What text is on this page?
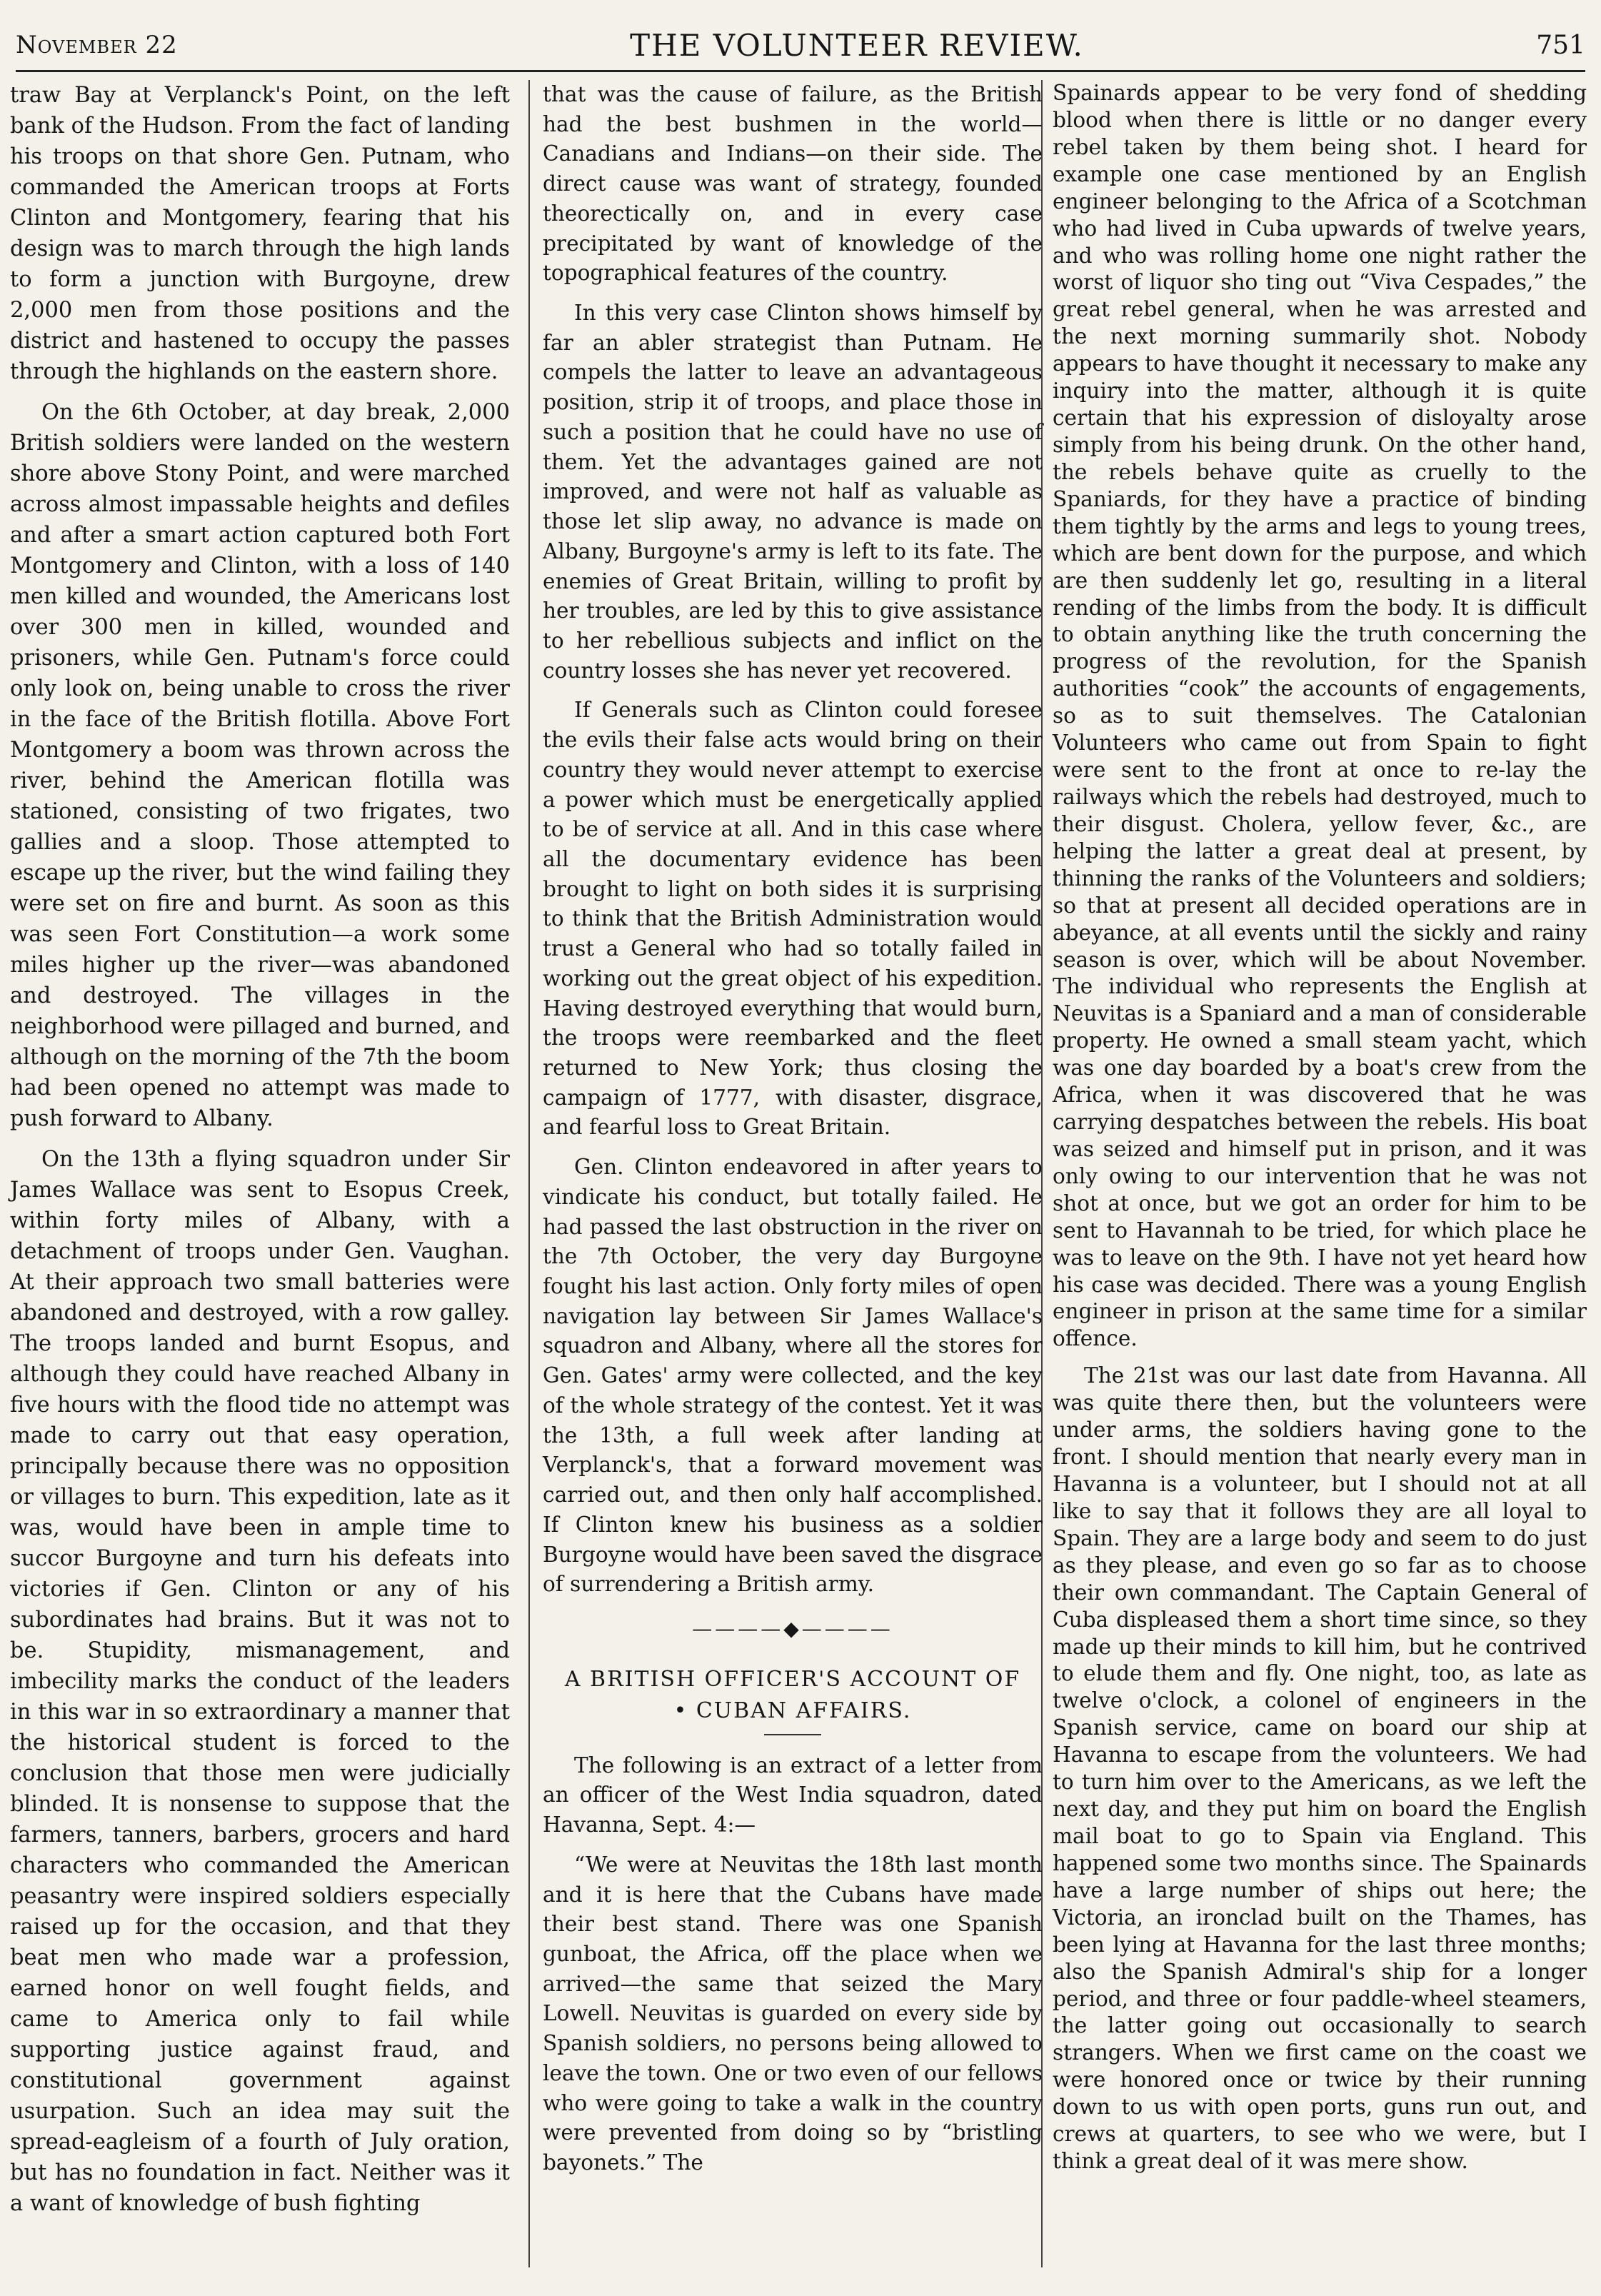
November 22	THE VOLUNTEER REVIEW.	751

traw Bay at Verplanck's Point, on the left bank of the Hudson. From the fact of landing his troops on that shore Gen. Putnam, who commanded the American troops at Forts Clinton and Montgomery, fearing that his design was to march through the high lands to form a junction with Burgoyne, drew 2,000 men from those positions and the district and hastened to occupy the passes through the highlands on the eastern shore.

On the 6th October, at day break, 2,000 British soldiers were landed on the western shore above Stony Point, and were marched across almost impassable heights and defiles and after a smart action captured both Fort Montgomery and Clinton, with a loss of 140 men killed and wounded, the Americans lost over 300 men in killed, wounded and prisoners, while Gen. Putnam's force could only look on, being unable to cross the river in the face of the British flotilla. Above Fort Montgomery a boom was thrown across the river, behind the American flotilla was stationed, consisting of two frigates, two gallies and a sloop. Those attempted to escape up the river, but the wind failing they were set on fire and burnt. As soon as this was seen Fort Constitution—a work some miles higher up the river—was abandoned and destroyed. The villages in the neighborhood were pillaged and burned, and although on the morning of the 7th the boom had been opened no attempt was made to push forward to Albany.

On the 13th a flying squadron under Sir James Wallace was sent to Esopus Creek, within forty miles of Albany, with a detachment of troops under Gen. Vaughan. At their approach two small batteries were abandoned and destroyed, with a row galley. The troops landed and burnt Esopus, and although they could have reached Albany in five hours with the flood tide no attempt was made to carry out that easy operation, principally because there was no opposition or villages to burn. This expedition, late as it was, would have been in ample time to succor Burgoyne and turn his defeats into victories if Gen. Clinton or any of his subordinates had brains. But it was not to be. Stupidity, mismanagement, and imbecility marks the conduct of the leaders in this war in so extraordinary a manner that the historical student is forced to the conclusion that those men were judicially blinded. It is nonsense to suppose that the farmers, tanners, barbers, grocers and hard characters who commanded the American peasantry were inspired soldiers especially raised up for the occasion, and that they beat men who made war a profession, earned honor on well fought fields, and came to America only to fail while supporting justice against fraud, and constitutional government against usurpation. Such an idea may suit the spread-eagleism of a fourth of July oration, but has no foundation in fact. Neither was it a want of knowledge of bush fighting

that was the cause of failure, as the British had the best bushmen in the world—Canadians and Indians—on their side. The direct cause was want of strategy, founded theorectically on, and in every case precipitated by want of knowledge of the topographical features of the country.

In this very case Clinton shows himself by far an abler strategist than Putnam. He compels the latter to leave an advantageous position, strip it of troops, and place those in such a position that he could have no use of them. Yet the advantages gained are not improved, and were not half as valuable as those let slip away, no advance is made on Albany, Burgoyne's army is left to its fate. The enemies of Great Britain, willing to profit by her troubles, are led by this to give assistance to her rebellious subjects and inflict on the country losses she has never yet recovered.

If Generals such as Clinton could foresee the evils their false acts would bring on their country they would never attempt to exercise a power which must be energetically applied to be of service at all. And in this case where all the documentary evidence has been brought to light on both sides it is surprising to think that the British Administration would trust a General who had so totally failed in working out the great object of his expedition. Having destroyed everything that would burn, the troops were reembarked and the fleet returned to New York; thus closing the campaign of 1777, with disaster, disgrace, and fearful loss to Great Britain.

Gen. Clinton endeavored in after years to vindicate his conduct, but totally failed. He had passed the last obstruction in the river on the 7th October, the very day Burgoyne fought his last action. Only forty miles of open navigation lay between Sir James Wallace's squadron and Albany, where all the stores for Gen. Gates' army were collected, and the key of the whole strategy of the contest. Yet it was the 13th, a full week after landing at Verplanck's, that a forward movement was carried out, and then only half accomplished. If Clinton knew his business as a soldier Burgoyne would have been saved the disgrace of surrendering a British army.

————◆————
A BRITISH OFFICER'S ACCOUNT OF • CUBAN AFFAIRS.

The following is an extract of a letter from an officer of the West India squadron, dated Havanna, Sept. 4:—

“We were at Neuvitas the 18th last month and it is here that the Cubans have made their best stand. There was one Spanish gunboat, the Africa, off the place when we arrived—the same that seized the Mary Lowell. Neuvitas is guarded on every side by Spanish soldiers, no persons being allowed to leave the town. One or two even of our fellows who were going to take a walk in the country were prevented from doing so by “bristling bayonets.” The

Spainards appear to be very fond of shedding blood when there is little or no danger every rebel taken by them being shot. I heard for example one case mentioned by an English engineer belonging to the Africa of a Scotchman who had lived in Cuba upwards of twelve years, and who was rolling home one night rather the worst of liquor sho ting out “Viva Cespades,” the great rebel general, when he was arrested and the next morning summarily shot. Nobody appears to have thought it necessary to make any inquiry into the matter, although it is quite certain that his expression of disloyalty arose simply from his being drunk. On the other hand, the rebels behave quite as cruelly to the Spaniards, for they have a practice of binding them tightly by the arms and legs to young trees, which are bent down for the purpose, and which are then suddenly let go, resulting in a literal rending of the limbs from the body. It is difficult to obtain anything like the truth concerning the progress of the revolution, for the Spanish authorities “cook” the accounts of engagements, so as to suit themselves. The Catalonian Volunteers who came out from Spain to fight were sent to the front at once to re-lay the railways which the rebels had destroyed, much to their disgust. Cholera, yellow fever, &c., are helping the latter a great deal at present, by thinning the ranks of the Volunteers and soldiers; so that at present all decided operations are in abeyance, at all events until the sickly and rainy season is over, which will be about November. The individual who represents the English at Neuvitas is a Spaniard and a man of considerable property. He owned a small steam yacht, which was one day boarded by a boat's crew from the Africa, when it was discovered that he was carrying despatches between the rebels. His boat was seized and himself put in prison, and it was only owing to our intervention that he was not shot at once, but we got an order for him to be sent to Havannah to be tried, for which place he was to leave on the 9th. I have not yet heard how his case was decided. There was a young English engineer in prison at the same time for a similar offence.

The 21st was our last date from Havanna. All was quite there then, but the volunteers were under arms, the soldiers having gone to the front. I should mention that nearly every man in Havanna is a volunteer, but I should not at all like to say that it follows they are all loyal to Spain. They are a large body and seem to do just as they please, and even go so far as to choose their own commandant. The Captain General of Cuba displeased them a short time since, so they made up their minds to kill him, but he contrived to elude them and fly. One night, too, as late as twelve o'clock, a colonel of engineers in the Spanish service, came on board our ship at Havanna to escape from the volunteers. We had to turn him over to the Americans, as we left the next day, and they put him on board the English mail boat to go to Spain via England. This happened some two months since. The Spainards have a large number of ships out here; the Victoria, an ironclad built on the Thames, has been lying at Havanna for the last three months; also the Spanish Admiral's ship for a longer period, and three or four paddle-wheel steamers, the latter going out occasionally to search strangers. When we first came on the coast we were honored once or twice by their running down to us with open ports, guns run out, and crews at quarters, to see who we were, but I think a great deal of it was mere show.
